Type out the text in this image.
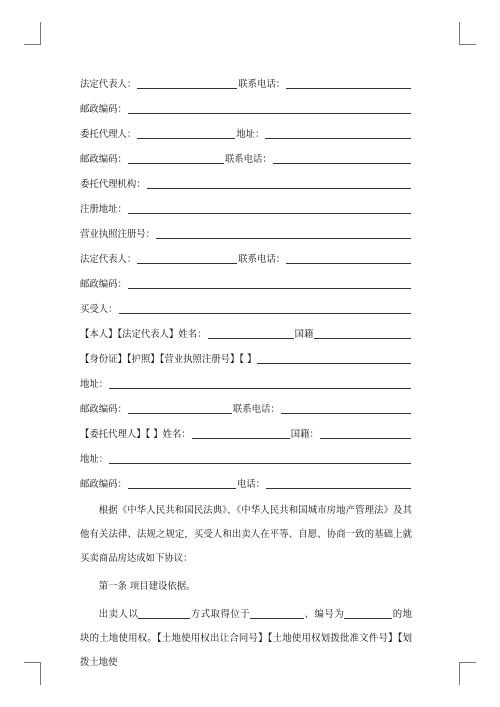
法定代表人：	联系电话：
邮政编码：
委托代理人：	地址：
邮政编码：	联系电话：
委托代理机构：
注册地址：
营业执照注册号：
法定代表人：	联系电话：
邮政编码：
买受人：
【本人】【法定代表人】姓名：	国籍
【身份证】【护照】【营业执照注册号】【 】
地址：
邮政编码：	联系电话：
【委托代理人】【 】姓名：	国籍：
地址：
邮政编码：	电话：

根据《中华人民共和国民法典》、《中华人民共和国城市房地产管理法》及其他有关法律、法规之规定，买受人和出卖人在平等、自愿、协商一致的基础上就买卖商品房达成如下协议：

第一条 项目建设依据。

出卖人以	方式取得位于	、编号为	的地块的土地使用权。【土地使用权出让合同号】【土地使用权划拨批准文件号】【划拨土地使
